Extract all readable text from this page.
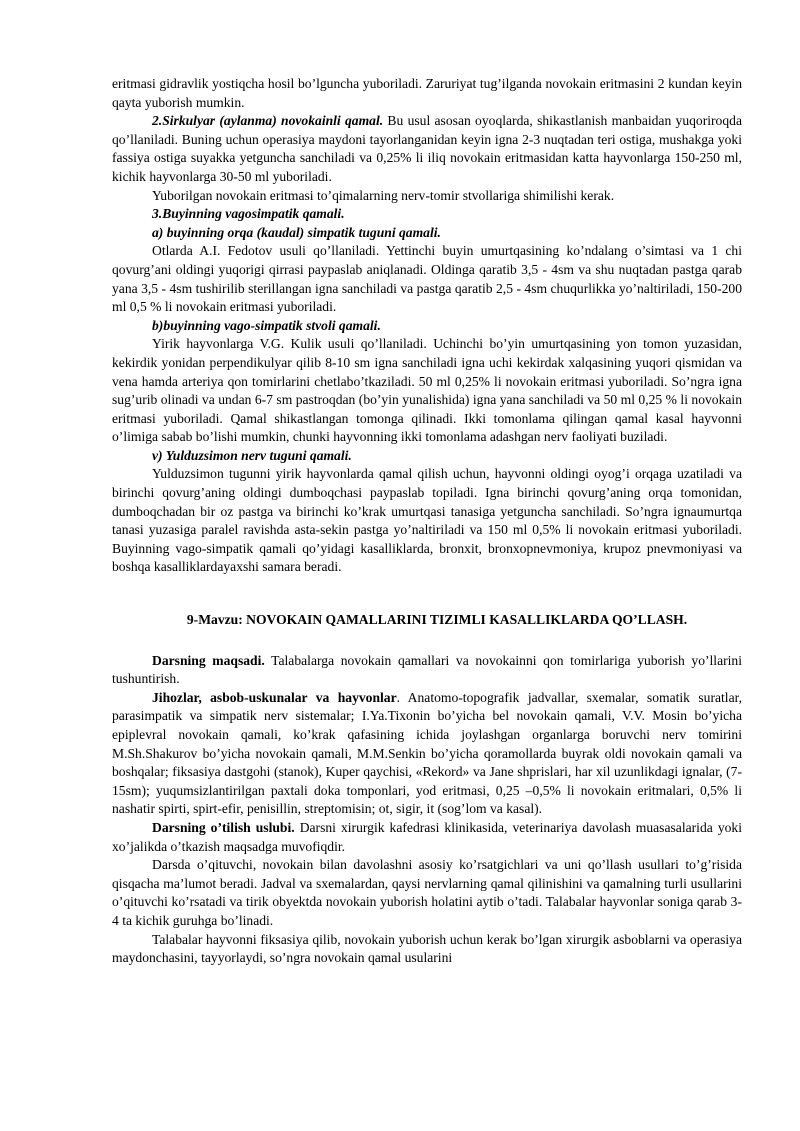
eritmasi gidravlik yostiqcha hosil bo’lguncha yuboriladi. Zaruriyat tug’ilganda novokain eritmasini 2 kundan keyin qayta yuborish mumkin.

2.Sirkulyar (aylanma) novokainli qamal. Bu usul asosan oyoqlarda, shikastlanish manbaidan yuqoriroqda qo’llaniladi. Buning uchun operasiya maydoni tayorlanganidan keyin igna 2-3 nuqtadan teri ostiga, mushakga yoki fassiya ostiga suyakka yetguncha sanchiladi va 0,25% li iliq novokain eritmasidan katta hayvonlarga 150-250 ml, kichik hayvonlarga 30-50 ml yuboriladi.

Yuborilgan novokain eritmasi to’qimalarning nerv-tomir stvollariga shimilishi kerak.

3.Buyinning vagosimpatik qamali.

a) buyinning orqa (kaudal) simpatik tuguni qamali.

Otlarda A.I. Fedotov usuli qo’llaniladi. Yettinchi buyin umurtqasining ko’ndalang o’simtasi va 1 chi qovurg’ani oldingi yuqorigi qirrasi paypaslab aniqlanadi. Oldinga qaratib 3,5 - 4sm va shu nuqtadan pastga qarab yana 3,5 - 4sm tushirilib sterillangan igna sanchiladi va pastga qaratib 2,5 - 4sm chuqurlikka yo’naltiriladi, 150-200 ml 0,5 % li novokain eritmasi yuboriladi.

b)buyinning vago-simpatik stvoli qamali.

Yirik hayvonlarga V.G. Kulik usuli qo’llaniladi. Uchinchi bo’yin umurtqasining yon tomon yuzasidan, kekirdik yonidan perpendikulyar qilib 8-10 sm igna sanchiladi igna uchi kekirdak xalqasining yuqori qismidan va vena hamda arteriya qon tomirlarini chetlabo’tkaziladi. 50 ml 0,25% li novokain eritmasi yuboriladi. So’ngra igna sug’urib olinadi va undan 6-7 sm pastroqdan (bo’yin yunalishida) igna yana sanchiladi va 50 ml 0,25 % li novokain eritmasi yuboriladi. Qamal shikastlangan tomonga qilinadi. Ikki tomonlama qilingan qamal kasal hayvonni o’limiga sabab bo’lishi mumkin, chunki hayvonning ikki tomonlama adashgan nerv faoliyati buziladi.

v) Yulduzsimon nerv tuguni qamali.

Yulduzsimon tugunni yirik hayvonlarda qamal qilish uchun, hayvonni oldingi oyog’i orqaga uzatiladi va birinchi qovurg’aning oldingi dumboqchasi paypaslab topiladi. Igna birinchi qovurg’aning orqa tomonidan, dumboqchadan bir oz pastga va birinchi ko’krak umurtqasi tanasiga yetguncha sanchiladi. So’ngra ignaumurtqa tanasi yuzasiga paralel ravishda asta-sekin pastga yo’naltiriladi va 150 ml 0,5% li novokain eritmasi yuboriladi. Buyinning vago-simpatik qamali qo’yidagi kasalliklarda, bronxit, bronxopnevmoniya, krupoz pnevmoniyasi va boshqa kasalliklardayaxshi samara beradi.

9-Mavzu: NOVOKAIN QAMALLARINI TIZIMLI KASALLIKLARDA QO’LLASH.

Darsning maqsadi. Talabalarga novokain qamallari va novokainni qon tomirlariga yuborish yo’llarini tushuntirish.

Jihozlar, asbob-uskunalar va hayvonlar. Anatomo-topografik jadvallar, sxemalar, somatik suratlar, parasimpatik va simpatik nerv sistemalar; I.Ya.Tixonin bo’yicha bel novokain qamali, V.V. Mosin bo’yicha epiplevral novokain qamali, ko’krak qafasining ichida joylashgan organlarga boruvchi nerv tomirini M.Sh.Shakurov bo’yicha novokain qamali, M.M.Senkin bo’yicha qoramollarda buyrak oldi novokain qamali va boshqalar; fiksasiya dastgohi (stanok), Kuper qaychisi, «Rekord» va Jane shprislari, har xil uzunlikdagi ignalar, (7-15sm); yuqumsizlantirilgan paxtali doka tomponlari, yod eritmasi, 0,25 –0,5% li novokain eritmalari, 0,5% li nashatir spirti, spirt-efir, penisillin, streptomisin; ot, sigir, it (sog’lom va kasal).

Darsning o’tilish uslubi. Darsni xirurgik kafedrasi klinikasida, veterinariya davolash muasasalarida yoki xo’jalikda o’tkazish maqsadga muvofiqdir.

Darsda o’qituvchi, novokain bilan davolashni asosiy ko’rsatgichlari va uni qo’llash usullari to’g’risida qisqacha ma’lumot beradi. Jadval va sxemalardan, qaysi nervlarning qamal qilinishini va qamalning turli usullarini o’qituvchi ko’rsatadi va tirik obyektda novokain yuborish holatini aytib o’tadi. Talabalar hayvonlar soniga qarab 3-4 ta kichik guruhga bo’linadi.

Talabalar hayvonni fiksasiya qilib, novokain yuborish uchun kerak bo’lgan xirurgik asboblarni va operasiya maydonchasini, tayyorlaydi, so’ngra novokain qamal usularini
